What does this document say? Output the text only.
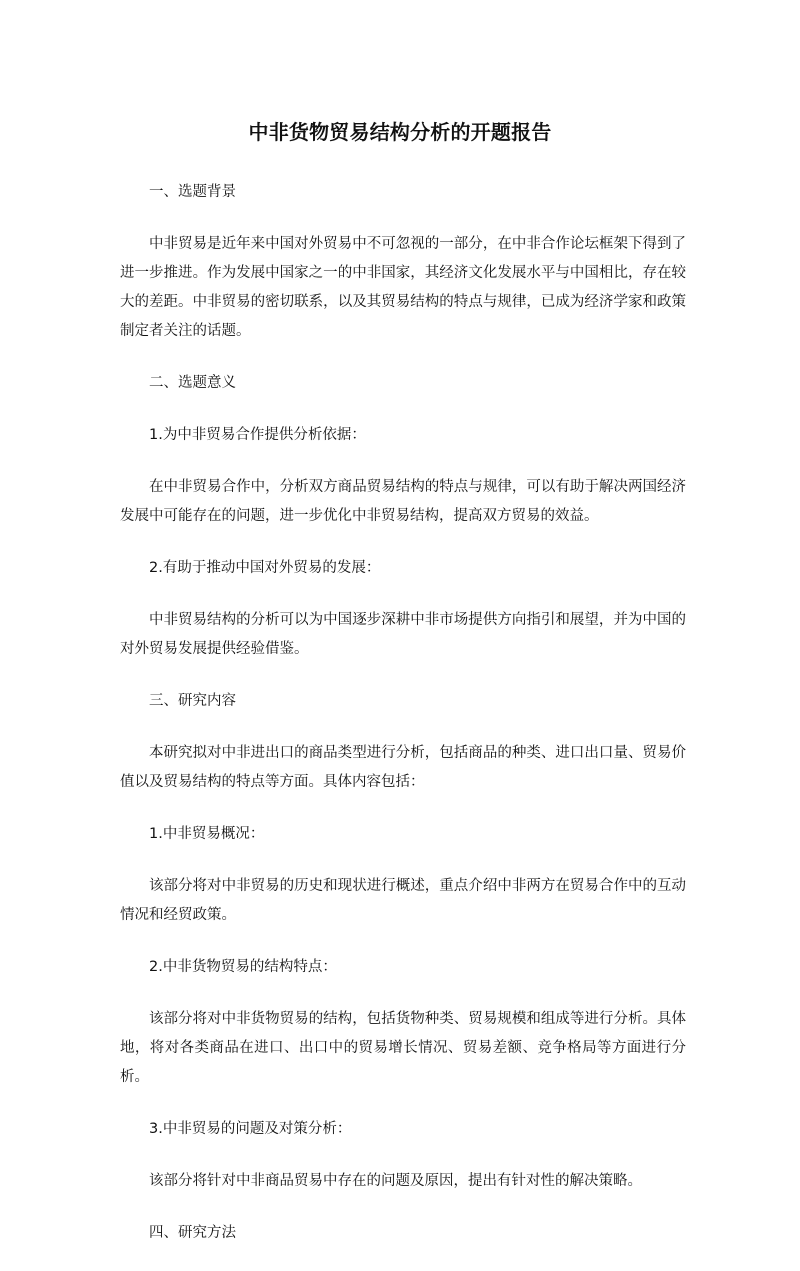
中非货物贸易结构分析的开题报告

一、选题背景

中非贸易是近年来中国对外贸易中不可忽视的一部分，在中非合作论坛框架下得到了进一步推进。作为发展中国家之一的中非国家，其经济文化发展水平与中国相比，存在较大的差距。中非贸易的密切联系，以及其贸易结构的特点与规律，已成为经济学家和政策制定者关注的话题。

二、选题意义

1.为中非贸易合作提供分析依据：

在中非贸易合作中，分析双方商品贸易结构的特点与规律，可以有助于解决两国经济发展中可能存在的问题，进一步优化中非贸易结构，提高双方贸易的效益。

2.有助于推动中国对外贸易的发展：

中非贸易结构的分析可以为中国逐步深耕中非市场提供方向指引和展望，并为中国的对外贸易发展提供经验借鉴。

三、研究内容

本研究拟对中非进出口的商品类型进行分析，包括商品的种类、进口出口量、贸易价值以及贸易结构的特点等方面。具体内容包括：

1.中非贸易概况：

该部分将对中非贸易的历史和现状进行概述，重点介绍中非两方在贸易合作中的互动情况和经贸政策。

2.中非货物贸易的结构特点：

该部分将对中非货物贸易的结构，包括货物种类、贸易规模和组成等进行分析。具体地，将对各类商品在进口、出口中的贸易增长情况、贸易差额、竞争格局等方面进行分析。

3.中非贸易的问题及对策分析：

该部分将针对中非商品贸易中存在的问题及原因，提出有针对性的解决策略。

四、研究方法
